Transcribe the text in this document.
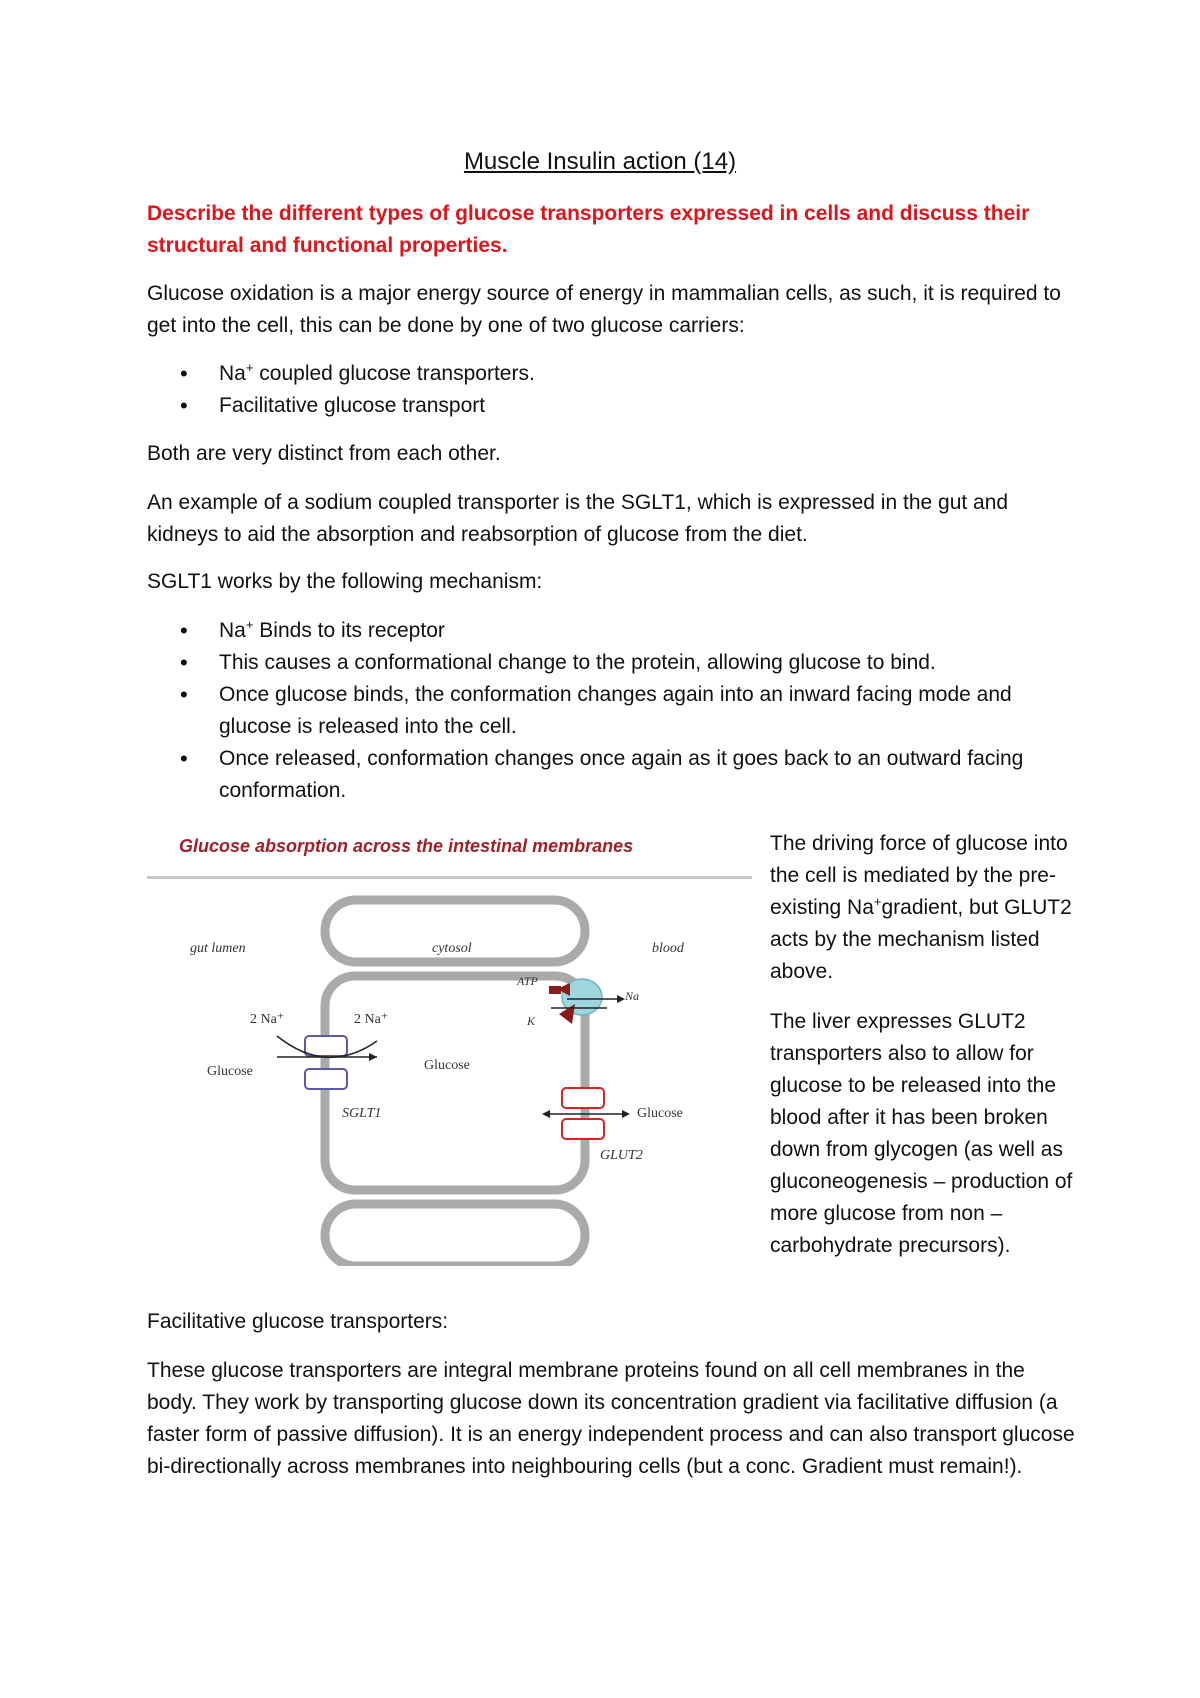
Muscle Insulin action (14)

Describe the different types of glucose transporters expressed in cells and discuss their structural and functional properties.

Glucose oxidation is a major energy source of energy in mammalian cells, as such, it is required to get into the cell, this can be done by one of two glucose carriers:

• Na+ coupled glucose transporters.
• Facilitative glucose transport

Both are very distinct from each other.

An example of a sodium coupled transporter is the SGLT1, which is expressed in the gut and kidneys to aid the absorption and reabsorption of glucose from the diet.

SGLT1 works by the following mechanism:

• Na+ Binds to its receptor
• This causes a conformational change to the protein, allowing glucose to bind.
• Once glucose binds, the conformation changes again into an inward facing mode and glucose is released into the cell.
• Once released, conformation changes once again as it goes back to an outward facing conformation.
Glucose absorption across the intestinal membranes
gut lumen	cytosol	blood
2 Na⁺	2 Na⁺
Glucose	Glucose
Glucose
SGLT1
GLUT2
ATP
K
Na

The driving force of glucose into the cell is mediated by the pre-existing Na+gradient, but GLUT2 acts by the mechanism listed above.

The liver expresses GLUT2 transporters also to allow for glucose to be released into the blood after it has been broken down from glycogen (as well as gluconeogenesis – production of more glucose from non – carbohydrate precursors).

Facilitative glucose transporters:

These glucose transporters are integral membrane proteins found on all cell membranes in the body. They work by transporting glucose down its concentration gradient via facilitative diffusion (a faster form of passive diffusion). It is an energy independent process and can also transport glucose bi-directionally across membranes into neighbouring cells (but a conc. Gradient must remain!).
